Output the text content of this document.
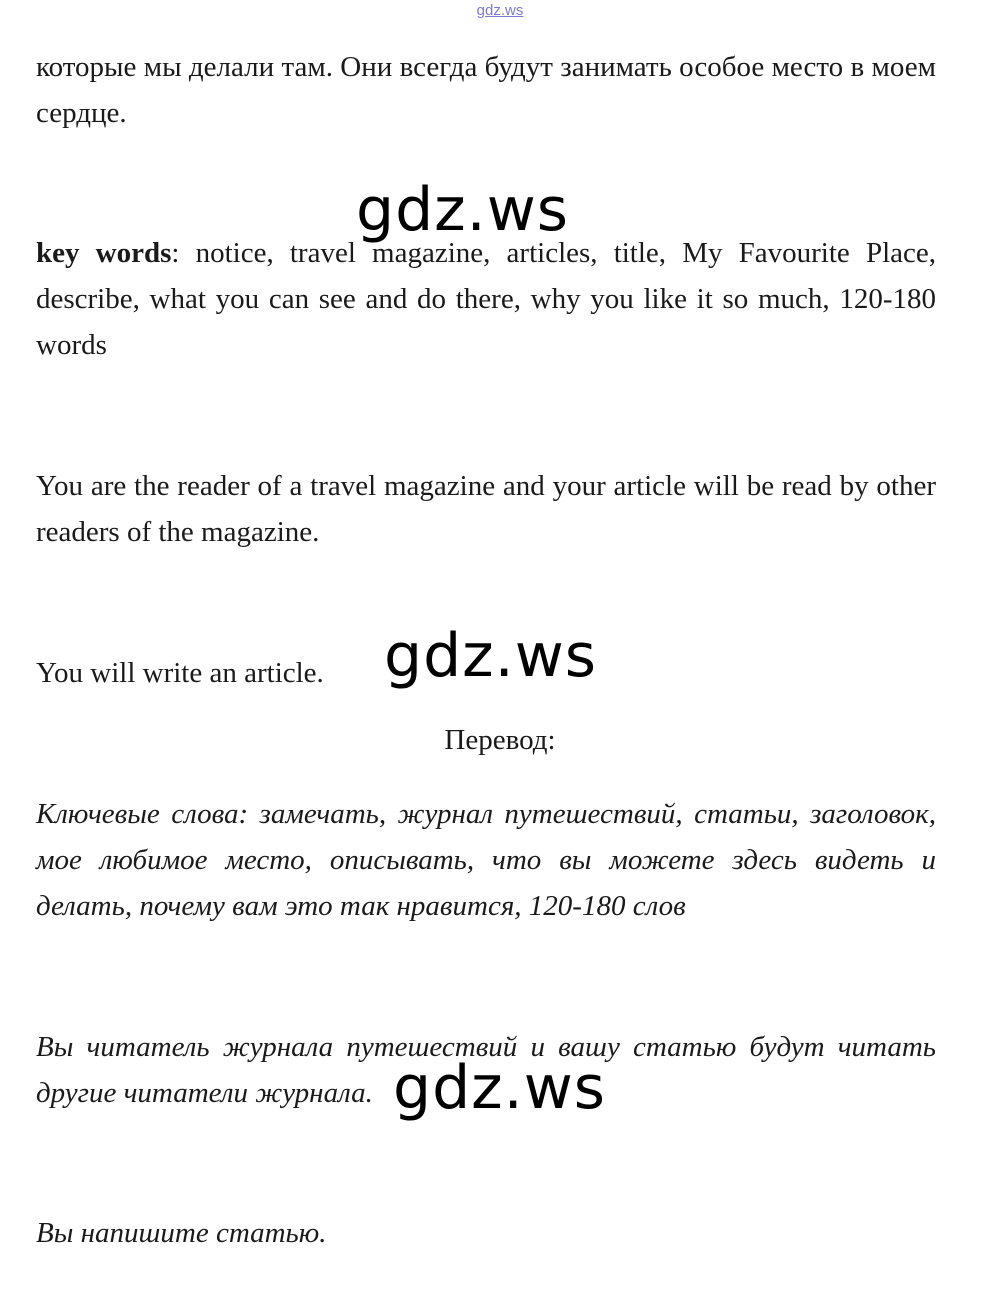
gdz.ws

которые мы делали там. Они всегда будут занимать особое место в моем сердце.

gdz.ws

key words: notice, travel magazine, articles, title, My Favourite Place, describe, what you can see and do there, why you like it so much, 120-180 words

You are the reader of a travel magazine and your article will be read by other readers of the magazine.

You will write an article.	gdz.ws

Перевод:

Ключевые слова: замечать, журнал путешествий, статьи, заголовок, мое любимое место, описывать, что вы можете здесь видеть и делать, почему вам это так нравится, 120-180 слов

Вы читатель журнала путешествий и вашу статью будут читать другие читатели журнала. gdz.ws

Вы напишите статью.
